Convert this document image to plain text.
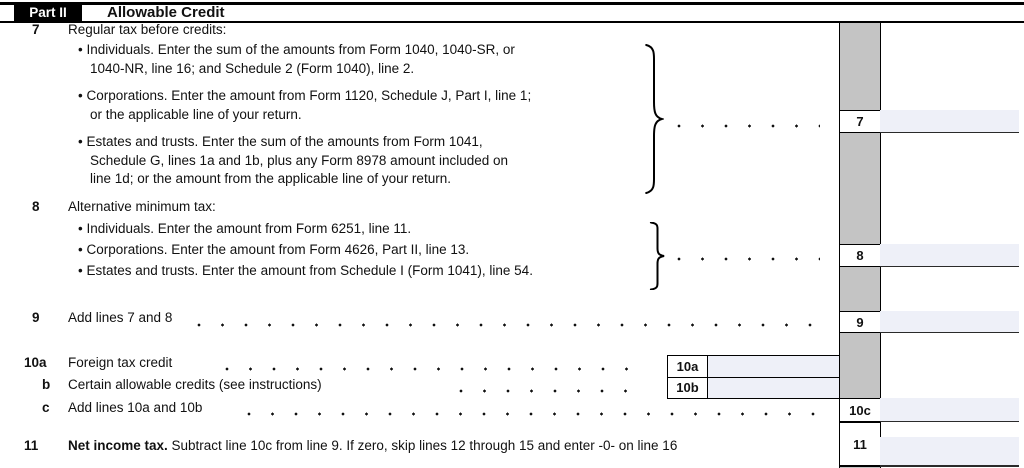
Part II	Allowable Credit
7
8
9
10c
11
10a
10b
7
8
9
10a
b
c
11
Regular tax before credits:
• Individuals. Enter the sum of the amounts from Form 1040, 1040-SR, or
1040-NR, line 16; and Schedule 2 (Form 1040), line 2.
• Corporations. Enter the amount from Form 1120, Schedule J, Part I, line 1;
or the applicable line of your return.
• Estates and trusts. Enter the sum of the amounts from Form 1041,
Schedule G, lines 1a and 1b, plus any Form 8978 amount included on
line 1d; or the amount from the applicable line of your return.
Alternative minimum tax:
• Individuals. Enter the amount from Form 6251, line 11.
• Corporations. Enter the amount from Form 4626, Part II, line 13.
• Estates and trusts. Enter the amount from Schedule I (Form 1041), line 54.
Add lines 7 and 8
Foreign tax credit
Certain allowable credits (see instructions)
Add lines 10a and 10b
Net income tax. Subtract line 10c from line 9. If zero, skip lines 12 through 15 and enter -0- on line 16
